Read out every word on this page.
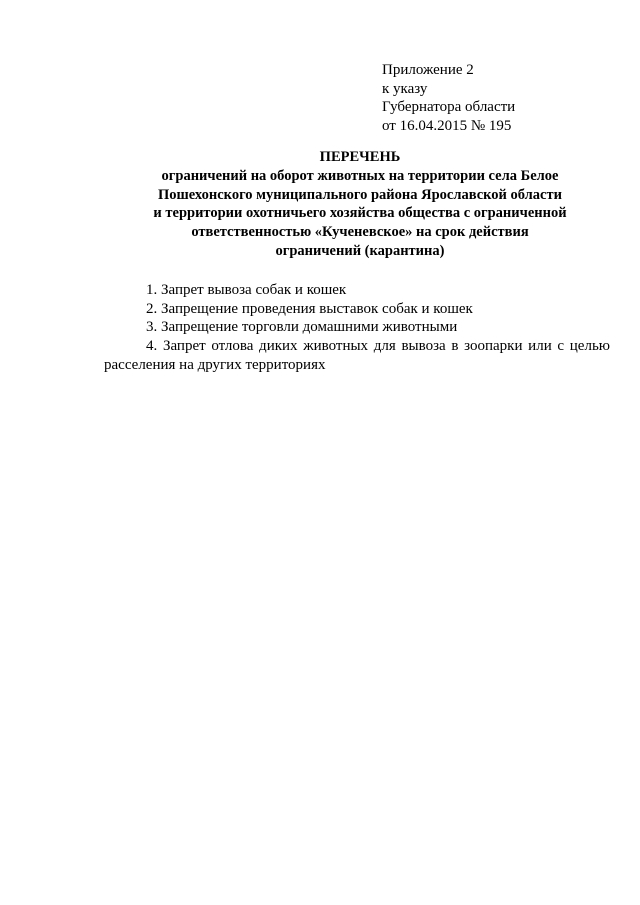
Приложение 2
к указу
Губернатора области
от 16.04.2015 № 195
ПЕРЕЧЕНЬ
ограничений на оборот животных на территории села Белое
Пошехонского муниципального района Ярославской области
и территории охотничьего хозяйства общества с ограниченной
ответственностью «Кученевское» на срок действия
ограничений (карантина)
1. Запрет вывоза собак и кошек
2. Запрещение проведения выставок собак и кошек
3. Запрещение торговли домашними животными
4. Запрет отлова диких животных для вывоза в зоопарки или с целью расселения на других территориях
